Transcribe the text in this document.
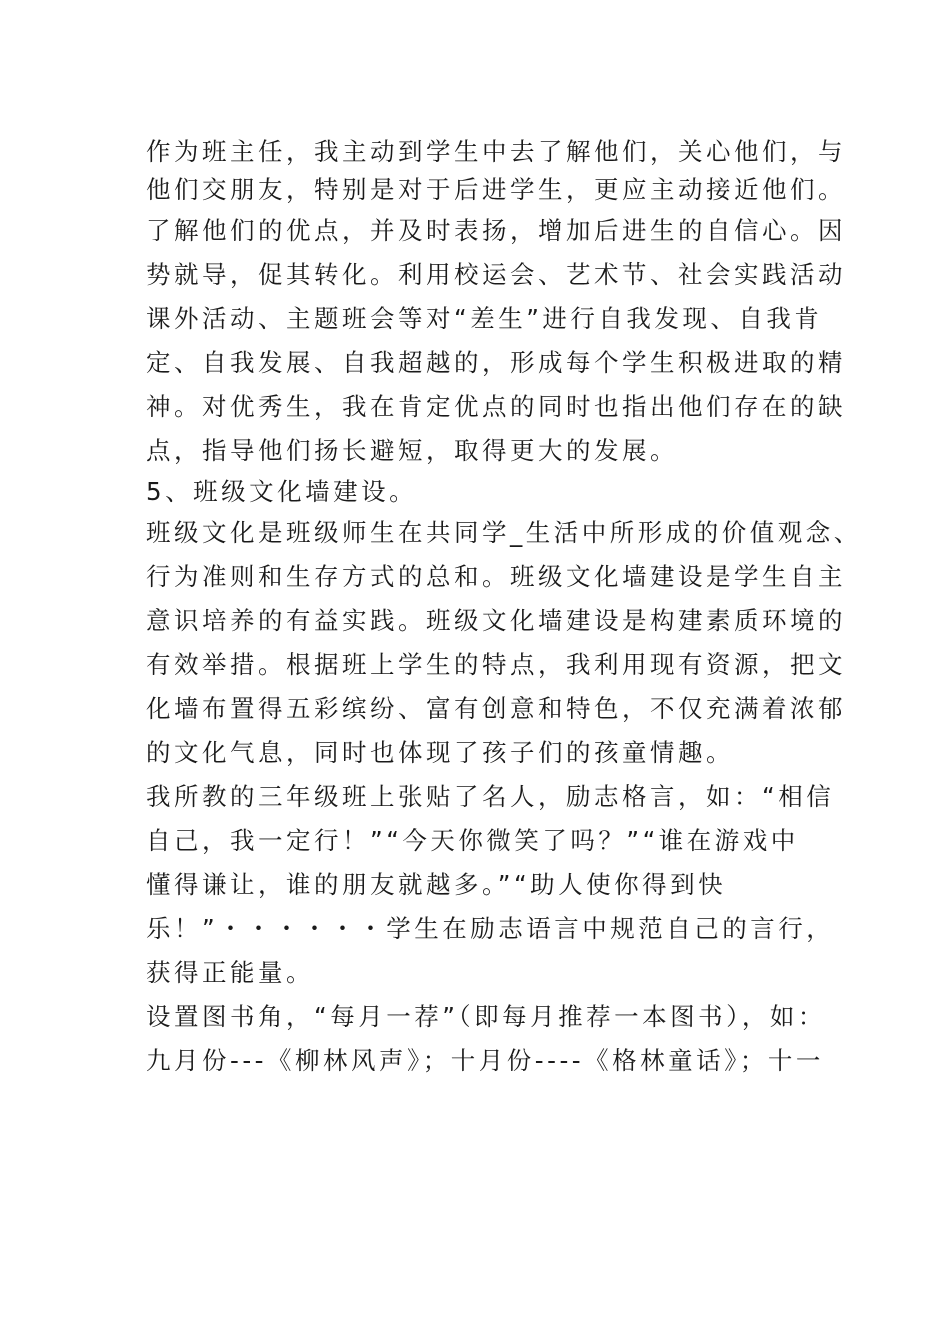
作为班主任，我主动到学生中去了解他们，关心他们，与

他们交朋友，特别是对于后进学生，更应主动接近他们。

了解他们的优点，并及时表扬，增加后进生的自信心。因

势就导，促其转化。利用校运会、艺术节、社会实践活动

课外活动、主题班会等对“差生”进行自我发现、自我肯

定、自我发展、自我超越的，形成每个学生积极进取的精

神。对优秀生，我在肯定优点的同时也指出他们存在的缺

点，指导他们扬长避短，取得更大的发展。

5、班级文化墙建设。

班级文化是班级师生在共同学_生活中所形成的价值观念、

行为准则和生存方式的总和。班级文化墙建设是学生自主

意识培养的有益实践。班级文化墙建设是构建素质环境的

有效举措。根据班上学生的特点，我利用现有资源，把文

化墙布置得五彩缤纷、富有创意和特色，不仅充满着浓郁

的文化气息，同时也体现了孩子们的孩童情趣。

我所教的三年级班上张贴了名人，励志格言，如：“相信

自己，我一定行！”“今天你微笑了吗？”“谁在游戏中

懂得谦让，谁的朋友就越多。”“助人使你得到快

乐！”・・・・・・学生在励志语言中规范自己的言行，

获得正能量。

设置图书角，“每月一荐”（即每月推荐一本图书），如：

九月份---《柳林风声》；十月份----《格林童话》；十一
